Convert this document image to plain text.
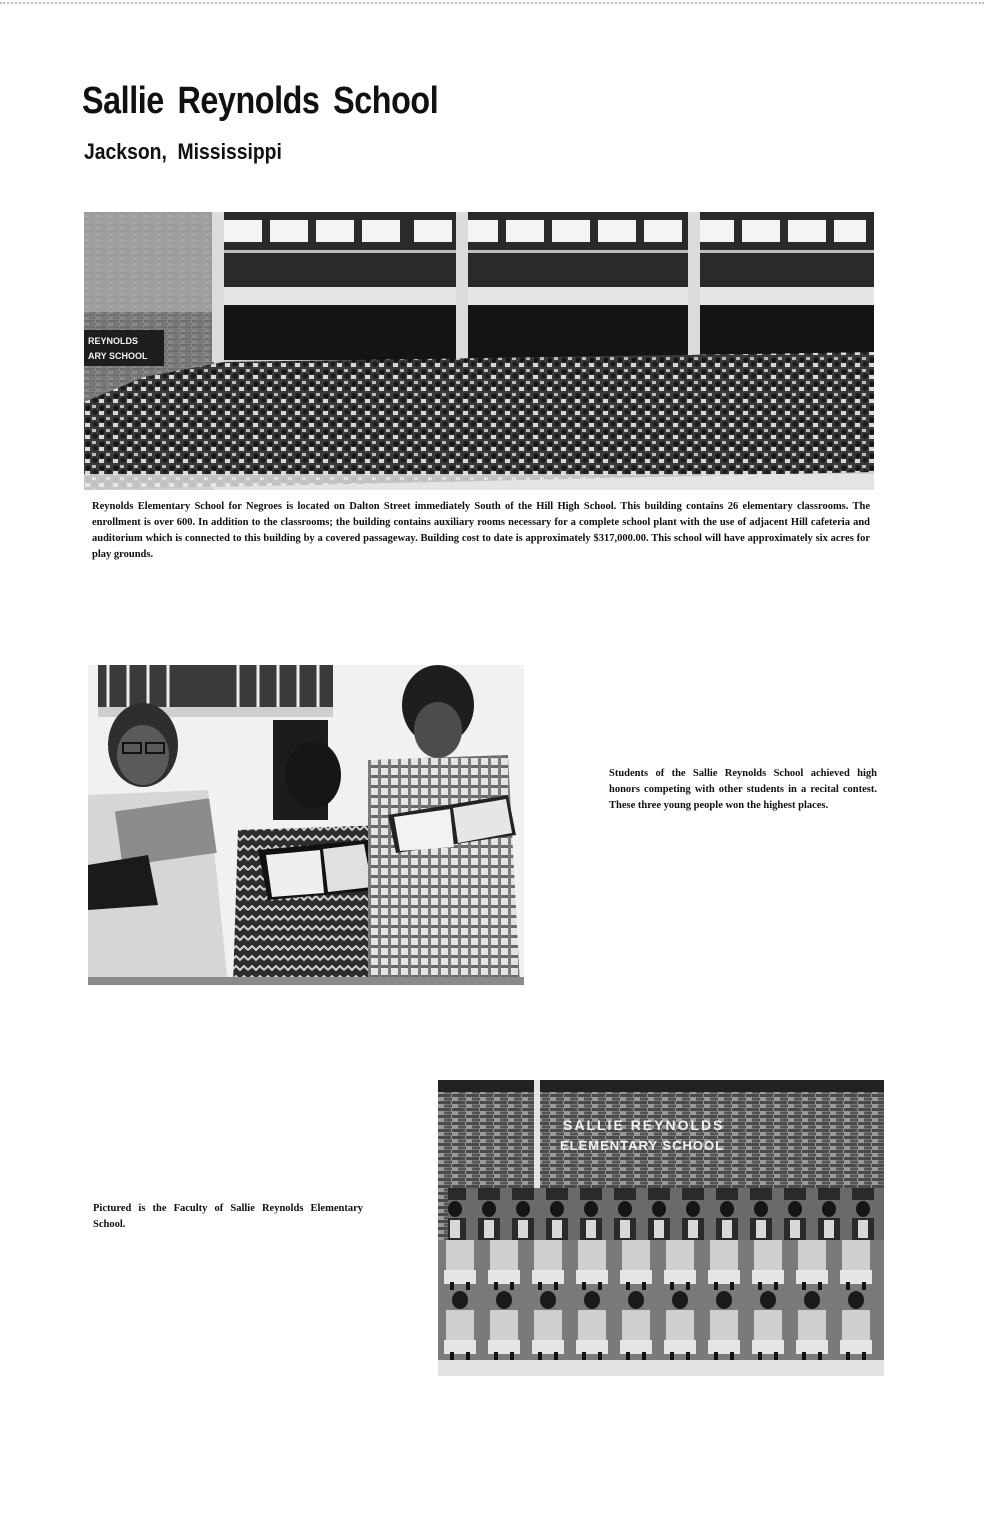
Sallie Reynolds School
Jackson, Mississippi
REYNOLDS
ARY SCHOOL

Reynolds Elementary School for Negroes is located on Dalton Street immediately South of the Hill High School. This building contains 26 elementary classrooms. The enrollment is over 600. In addition to the classrooms; the building contains auxiliary rooms necessary for a complete school plant with the use of adjacent Hill cafeteria and auditorium which is connected to this building by a covered passageway. Building cost to date is approximately $317,000.00. This school will have approximately six acres for play grounds.

Students of the Sallie Reynolds School achieved high honors competing with other students in a recital contest. These three young people won the highest places.

Pictured is the Faculty of Sallie Reynolds Elementary School.

SALLIE REYNOLDS
ELEMENTARY SCHOOL
